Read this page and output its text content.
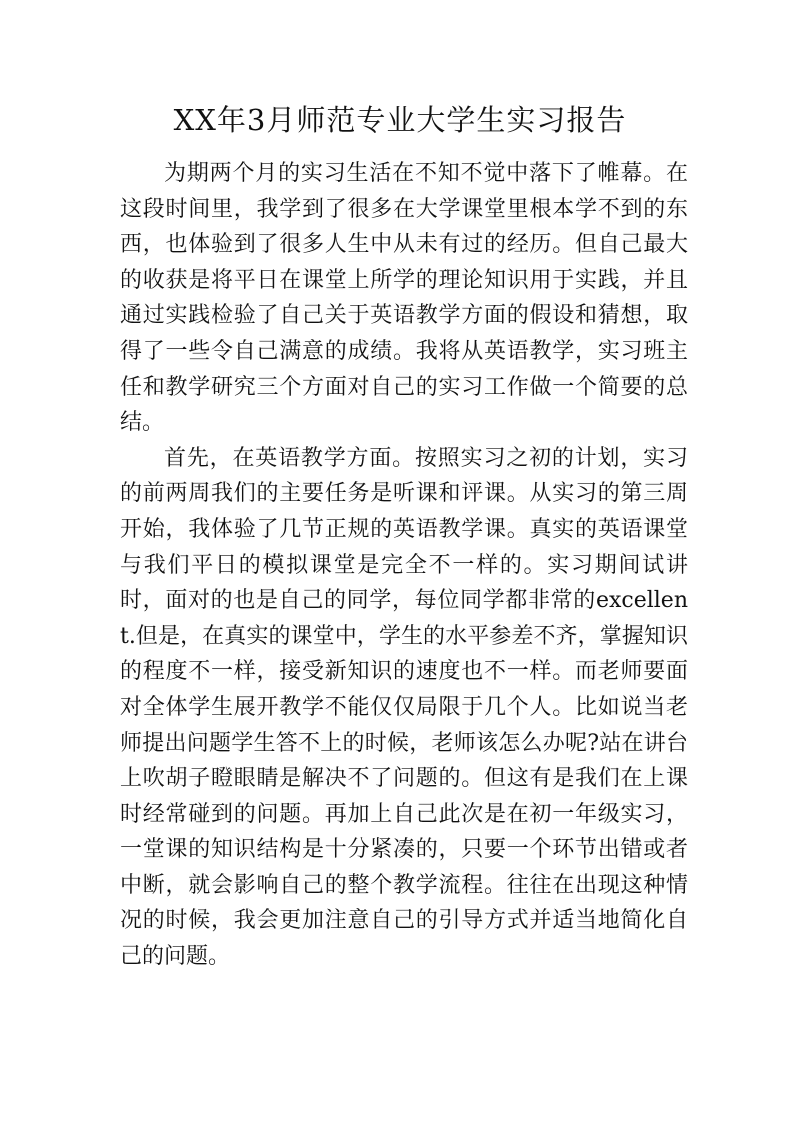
XX年3月师范专业大学生实习报告

为期两个月的实习生活在不知不觉中落下了帷幕。在这段时间里，我学到了很多在大学课堂里根本学不到的东西，也体验到了很多人生中从未有过的经历。但自己最大的收获是将平日在课堂上所学的理论知识用于实践，并且通过实践检验了自己关于英语教学方面的假设和猜想，取得了一些令自己满意的成绩。我将从英语教学，实习班主任和教学研究三个方面对自己的实习工作做一个简要的总结。

首先，在英语教学方面。按照实习之初的计划，实习的前两周我们的主要任务是听课和评课。从实习的第三周开始，我体验了几节正规的英语教学课。真实的英语课堂与我们平日的模拟课堂是完全不一样的。实习期间试讲时，面对的也是自己的同学，每位同学都非常的excellent.但是，在真实的课堂中，学生的水平参差不齐，掌握知识的程度不一样，接受新知识的速度也不一样。而老师要面对全体学生展开教学不能仅仅局限于几个人。比如说当老师提出问题学生答不上的时候，老师该怎么办呢?站在讲台上吹胡子瞪眼睛是解决不了问题的。但这有是我们在上课时经常碰到的问题。再加上自己此次是在初一年级实习，一堂课的知识结构是十分紧凑的，只要一个环节出错或者中断，就会影响自己的整个教学流程。往往在出现这种情况的时候，我会更加注意自己的引导方式并适当地简化自己的问题。
